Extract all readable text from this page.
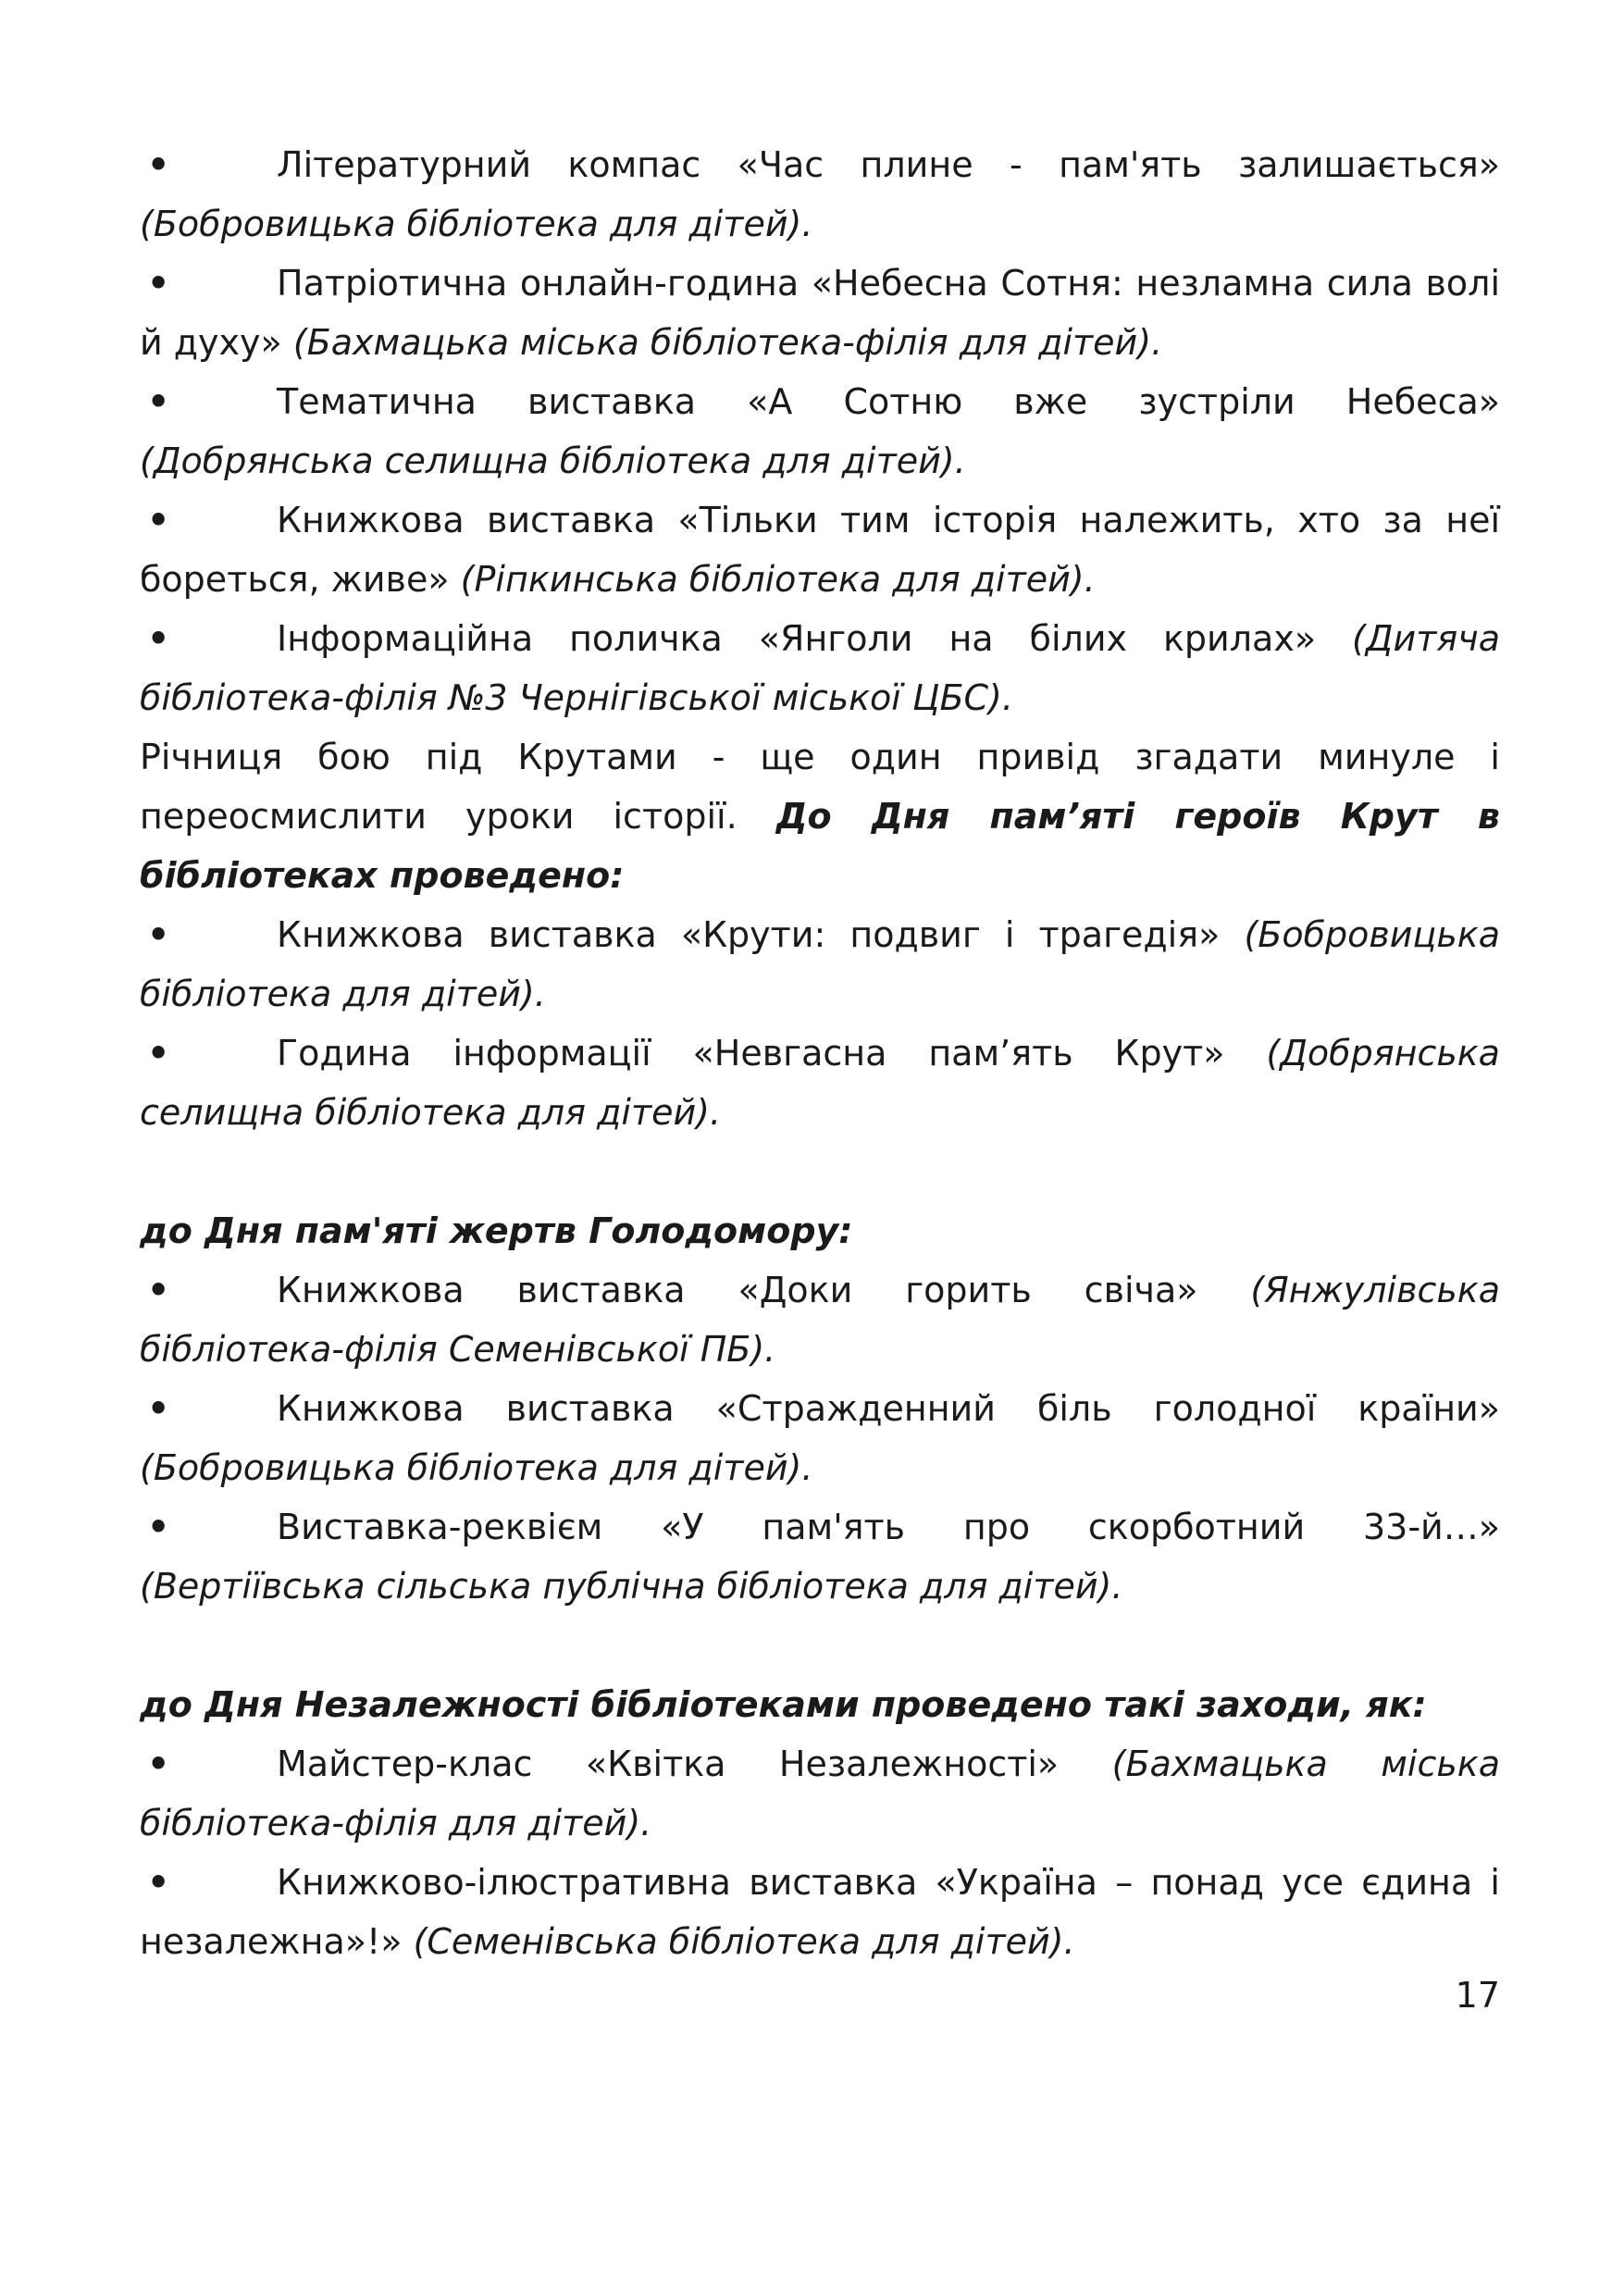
•	Літературний компас «Час плине - пам'ять залишається» (Бобровицька бібліотека для дітей).

•	Патріотична онлайн-година «Небесна Сотня: незламна сила волі й духу» (Бахмацька міська бібліотека-філія для дітей).

•	Тематична виставка «А Сотню вже зустріли Небеса» (Добрянська селищна бібліотека для дітей).

•	Книжкова виставка «Тільки тим історія належить, хто за неї бореться, живе» (Ріпкинська бібліотека для дітей).

•	Інформаційна поличка «Янголи на білих крилах» (Дитяча бібліотека-філія №3 Чернігівської міської ЦБС).

Річниця бою під Крутами - ще один привід згадати минуле і переосмислити уроки історії. До Дня пам’яті героїв Крут в бібліотеках проведено:

•	Книжкова виставка «Крути: подвиг і трагедія» (Бобровицька бібліотека для дітей).

•	Година інформації «Невгасна пам’ять Крут» (Добрянська селищна бібліотека для дітей).

до Дня пам'яті жертв Голодомору:

•	Книжкова виставка «Доки горить свіча» (Янжулівська бібліотека-філія Семенівської ПБ).

•	Книжкова виставка «Стражденний біль голодної країни» (Бобровицька бібліотека для дітей).

•	Виставка-реквієм «У пам'ять про скорботний 33-й…» (Вертіївська сільська публічна бібліотека для дітей).

до Дня Незалежності бібліотеками проведено такі заходи, як:

•	Майстер-клас «Квітка Незалежності» (Бахмацька міська бібліотека-філія для дітей).

•	Книжково-ілюстративна виставка «Україна – понад усе єдина і незалежна»!» (Семенівська бібліотека для дітей).

17
